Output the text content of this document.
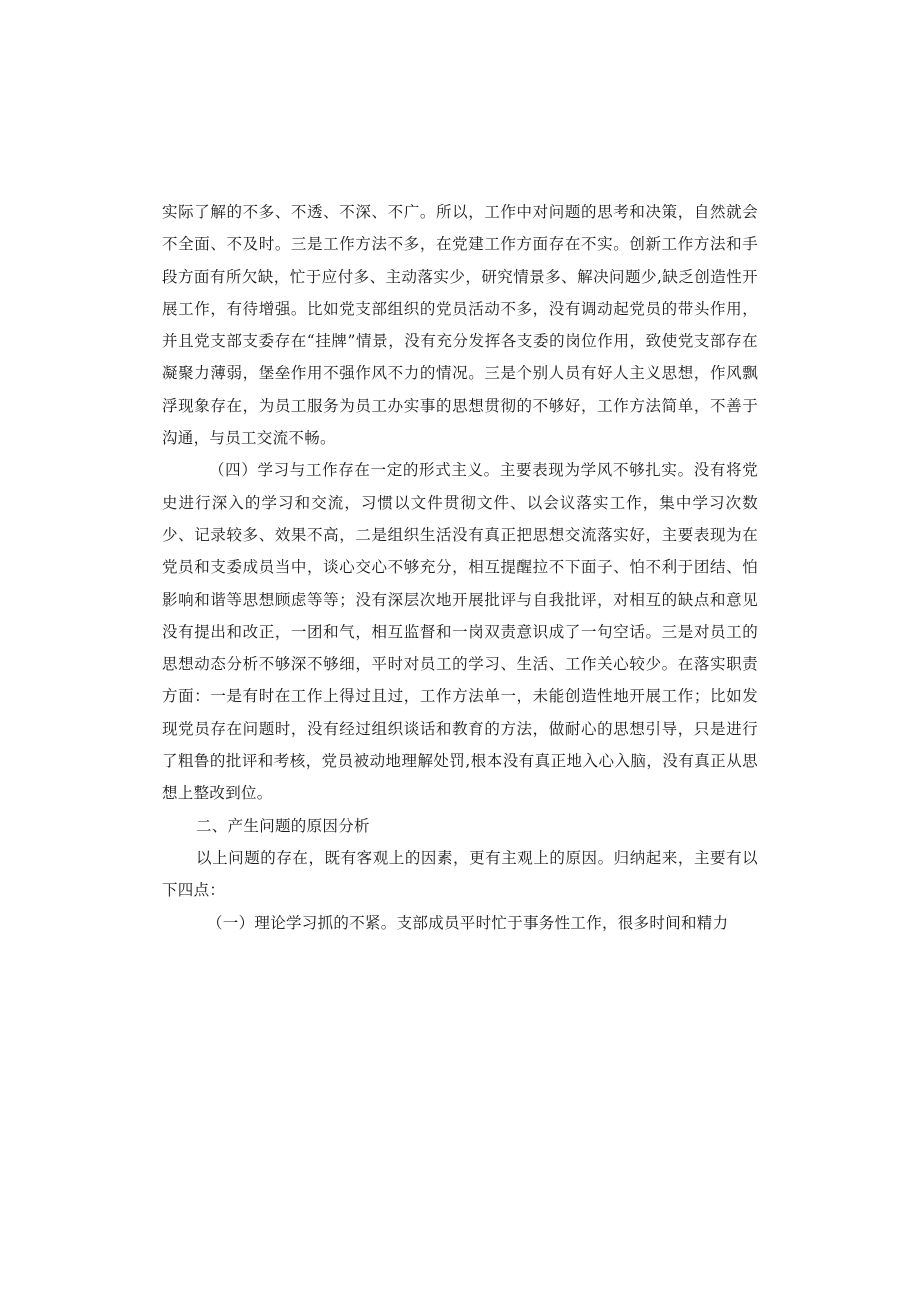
实际了解的不多、不透、不深、不广。所以，工作中对问题的思考和决策，自然就会不全面、不及时。三是工作方法不多，在党建工作方面存在不实。创新工作方法和手段方面有所欠缺，忙于应付多、主动落实少，研究情景多、解决问题少,缺乏创造性开展工作，有待增强。比如党支部组织的党员活动不多，没有调动起党员的带头作用，并且党支部支委存在“挂牌”情景，没有充分发挥各支委的岗位作用，致使党支部存在凝聚力薄弱，堡垒作用不强作风不力的情况。三是个别人员有好人主义思想，作风飘浮现象存在，为员工服务为员工办实事的思想贯彻的不够好，工作方法简单，不善于沟通，与员工交流不畅。

（四）学习与工作存在一定的形式主义。主要表现为学风不够扎实。没有将党史进行深入的学习和交流，习惯以文件贯彻文件、以会议落实工作，集中学习次数少、记录较多、效果不高，二是组织生活没有真正把思想交流落实好，主要表现为在党员和支委成员当中，谈心交心不够充分，相互提醒拉不下面子、怕不利于团结、怕影响和谐等思想顾虑等等；没有深层次地开展批评与自我批评，对相互的缺点和意见没有提出和改正，一团和气，相互监督和一岗双责意识成了一句空话。三是对员工的思想动态分析不够深不够细，平时对员工的学习、生活、工作关心较少。在落实职责方面：一是有时在工作上得过且过，工作方法单一，未能创造性地开展工作；比如发现党员存在问题时，没有经过组织谈话和教育的方法，做耐心的思想引导，只是进行了粗鲁的批评和考核，党员被动地理解处罚,根本没有真正地入心入脑，没有真正从思想上整改到位。

二、产生问题的原因分析

以上问题的存在，既有客观上的因素，更有主观上的原因。归纳起来，主要有以下四点：

（一）理论学习抓的不紧。支部成员平时忙于事务性工作，很多时间和精力
